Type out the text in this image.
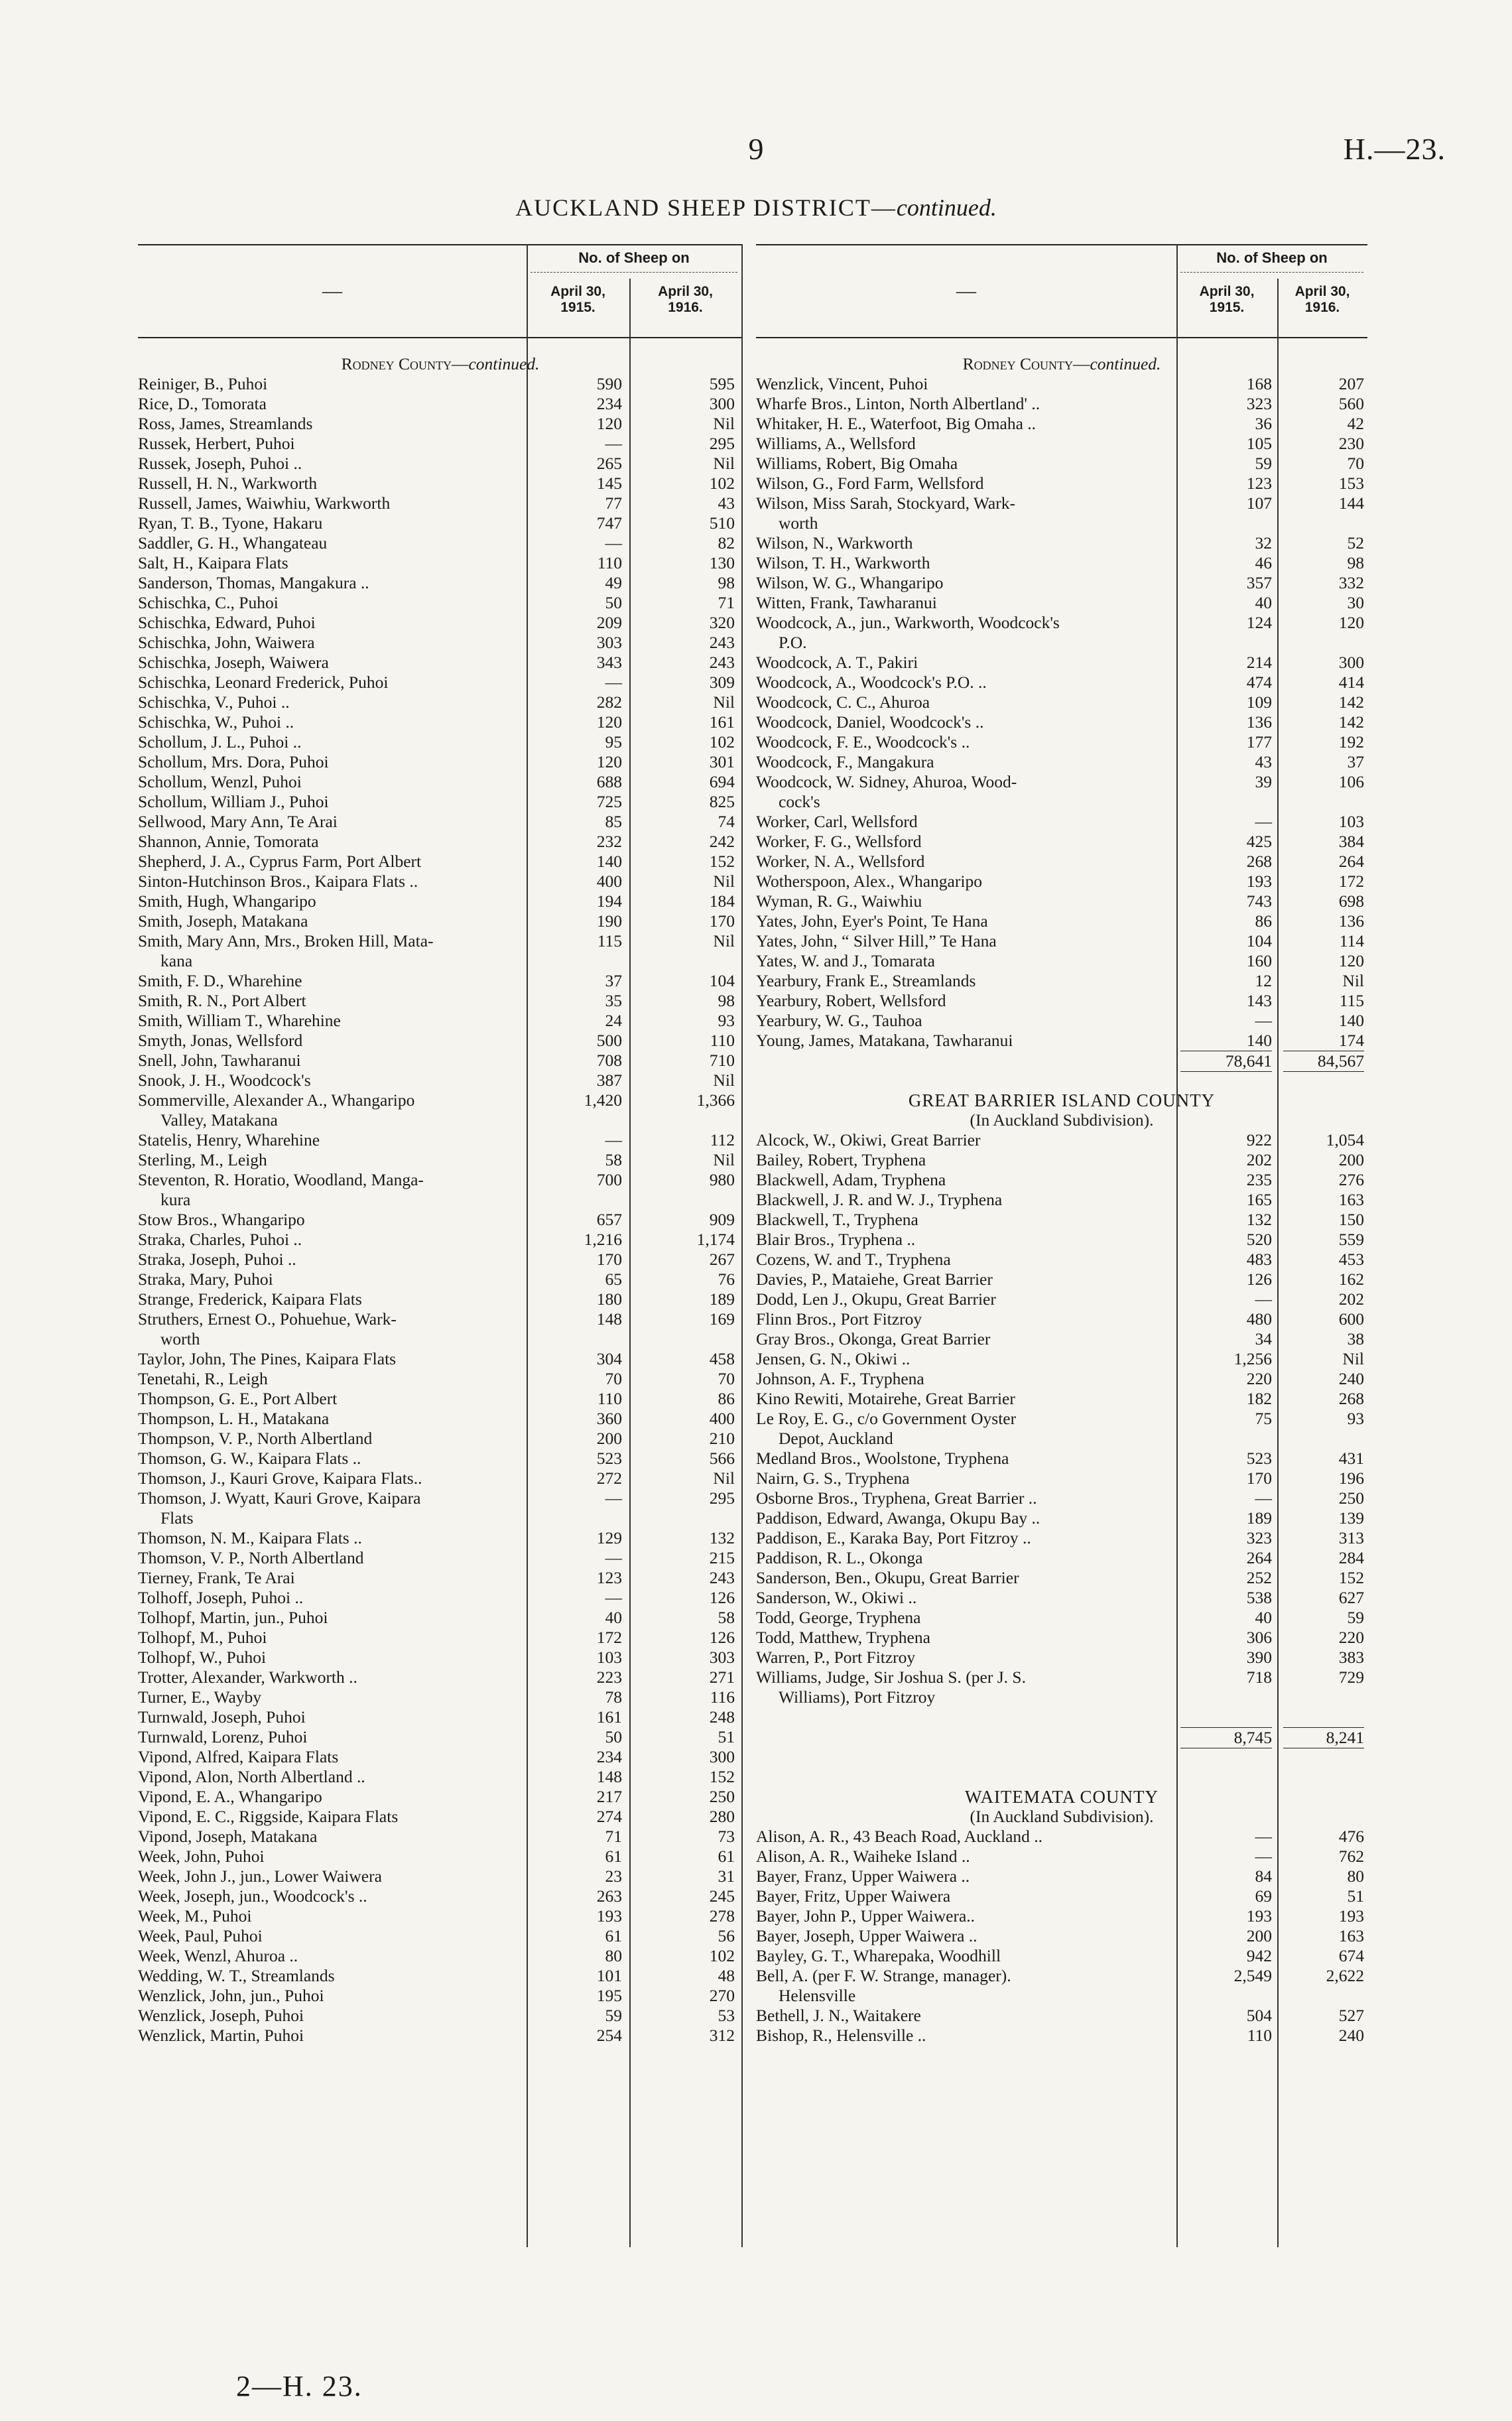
9	H.—23.
AUCKLAND SHEEP DISTRICT—continued.
—
No. of Sheep on
April 30,
1915.
April 30,
1916.
Rodney County—continued.
Reiniger, B., Puhoi	590	595
Rice, D., Tomorata	234	300
Ross, James, Streamlands	120	Nil
Russek, Herbert, Puhoi	—	295
Russek, Joseph, Puhoi ..	265	Nil
Russell, H. N., Warkworth	145	102
Russell, James, Waiwhiu, Warkworth	77	43
Ryan, T. B., Tyone, Hakaru	747	510
Saddler, G. H., Whangateau	—	82
Salt, H., Kaipara Flats	110	130
Sanderson, Thomas, Mangakura ..	49	98
Schischka, C., Puhoi	50	71
Schischka, Edward, Puhoi	209	320
Schischka, John, Waiwera	303	243
Schischka, Joseph, Waiwera	343	243
Schischka, Leonard Frederick, Puhoi	—	309
Schischka, V., Puhoi ..	282	Nil
Schischka, W., Puhoi ..	120	161
Schollum, J. L., Puhoi ..	95	102
Schollum, Mrs. Dora, Puhoi	120	301
Schollum, Wenzl, Puhoi	688	694
Schollum, William J., Puhoi	725	825
Sellwood, Mary Ann, Te Arai	85	74
Shannon, Annie, Tomorata	232	242
Shepherd, J. A., Cyprus Farm, Port Albert	140	152
Sinton-Hutchinson Bros., Kaipara Flats ..	400	Nil
Smith, Hugh, Whangaripo	194	184
Smith, Joseph, Matakana	190	170
Smith, Mary Ann, Mrs., Broken Hill, Mata-	115	Nil
kana
Smith, F. D., Wharehine	37	104
Smith, R. N., Port Albert	35	98
Smith, William T., Wharehine	24	93
Smyth, Jonas, Wellsford	500	110
Snell, John, Tawharanui	708	710
Snook, J. H., Woodcock's	387	Nil
Sommerville, Alexander A., Whangaripo	1,420	1,366
Valley, Matakana
Statelis, Henry, Wharehine	—	112
Sterling, M., Leigh	58	Nil
Steventon, R. Horatio, Woodland, Manga-	700	980
kura
Stow Bros., Whangaripo	657	909
Straka, Charles, Puhoi ..	1,216	1,174
Straka, Joseph, Puhoi ..	170	267
Straka, Mary, Puhoi	65	76
Strange, Frederick, Kaipara Flats	180	189
Struthers, Ernest O., Pohuehue, Wark-	148	169
worth
Taylor, John, The Pines, Kaipara Flats	304	458
Tenetahi, R., Leigh	70	70
Thompson, G. E., Port Albert	110	86
Thompson, L. H., Matakana	360	400
Thompson, V. P., North Albertland	200	210
Thomson, G. W., Kaipara Flats ..	523	566
Thomson, J., Kauri Grove, Kaipara Flats..	272	Nil
Thomson, J. Wyatt, Kauri Grove, Kaipara	—	295
Flats
Thomson, N. M., Kaipara Flats ..	129	132
Thomson, V. P., North Albertland	—	215
Tierney, Frank, Te Arai	123	243
Tolhoff, Joseph, Puhoi ..	—	126
Tolhopf, Martin, jun., Puhoi	40	58
Tolhopf, M., Puhoi	172	126
Tolhopf, W., Puhoi	103	303
Trotter, Alexander, Warkworth ..	223	271
Turner, E., Wayby	78	116
Turnwald, Joseph, Puhoi	161	248
Turnwald, Lorenz, Puhoi	50	51
Vipond, Alfred, Kaipara Flats	234	300
Vipond, Alon, North Albertland ..	148	152
Vipond, E. A., Whangaripo	217	250
Vipond, E. C., Riggside, Kaipara Flats	274	280
Vipond, Joseph, Matakana	71	73
Week, John, Puhoi	61	61
Week, John J., jun., Lower Waiwera	23	31
Week, Joseph, jun., Woodcock's ..	263	245
Week, M., Puhoi	193	278
Week, Paul, Puhoi	61	56
Week, Wenzl, Ahuroa ..	80	102
Wedding, W. T., Streamlands	101	48
Wenzlick, John, jun., Puhoi	195	270
Wenzlick, Joseph, Puhoi	59	53
Wenzlick, Martin, Puhoi	254	312
—
No. of Sheep on
April 30,
1915.
April 30,
1916.
Rodney County—continued.
Wenzlick, Vincent, Puhoi	168	207
Wharfe Bros., Linton, North Albertland' ..	323	560
Whitaker, H. E., Waterfoot, Big Omaha ..	36	42
Williams, A., Wellsford	105	230
Williams, Robert, Big Omaha	59	70
Wilson, G., Ford Farm, Wellsford	123	153
Wilson, Miss Sarah, Stockyard, Wark-	107	144
worth
Wilson, N., Warkworth	32	52
Wilson, T. H., Warkworth	46	98
Wilson, W. G., Whangaripo	357	332
Witten, Frank, Tawharanui	40	30
Woodcock, A., jun., Warkworth, Woodcock's	124	120
P.O.
Woodcock, A. T., Pakiri	214	300
Woodcock, A., Woodcock's P.O. ..	474	414
Woodcock, C. C., Ahuroa	109	142
Woodcock, Daniel, Woodcock's ..	136	142
Woodcock, F. E., Woodcock's ..	177	192
Woodcock, F., Mangakura	43	37
Woodcock, W. Sidney, Ahuroa, Wood-	39	106
cock's
Worker, Carl, Wellsford	—	103
Worker, F. G., Wellsford	425	384
Worker, N. A., Wellsford	268	264
Wotherspoon, Alex., Whangaripo	193	172
Wyman, R. G., Waiwhiu	743	698
Yates, John, Eyer's Point, Te Hana	86	136
Yates, John, “ Silver Hill,” Te Hana	104	114
Yates, W. and J., Tomarata	160	120
Yearbury, Frank E., Streamlands	12	Nil
Yearbury, Robert, Wellsford	143	115
Yearbury, W. G., Tauhoa	—	140
Young, James, Matakana, Tawharanui	140	174
78,641	84,567
GREAT BARRIER ISLAND COUNTY
(In Auckland Subdivision).
Alcock, W., Okiwi, Great Barrier	922	1,054
Bailey, Robert, Tryphena	202	200
Blackwell, Adam, Tryphena	235	276
Blackwell, J. R. and W. J., Tryphena	165	163
Blackwell, T., Tryphena	132	150
Blair Bros., Tryphena ..	520	559
Cozens, W. and T., Tryphena	483	453
Davies, P., Mataiehe, Great Barrier	126	162
Dodd, Len J., Okupu, Great Barrier	—	202
Flinn Bros., Port Fitzroy	480	600
Gray Bros., Okonga, Great Barrier	34	38
Jensen, G. N., Okiwi ..	1,256	Nil
Johnson, A. F., Tryphena	220	240
Kino Rewiti, Motairehe, Great Barrier	182	268
Le Roy, E. G., c/o Government Oyster	75	93
Depot, Auckland
Medland Bros., Woolstone, Tryphena	523	431
Nairn, G. S., Tryphena	170	196
Osborne Bros., Tryphena, Great Barrier ..	—	250
Paddison, Edward, Awanga, Okupu Bay ..	189	139
Paddison, E., Karaka Bay, Port Fitzroy ..	323	313
Paddison, R. L., Okonga	264	284
Sanderson, Ben., Okupu, Great Barrier	252	152
Sanderson, W., Okiwi ..	538	627
Todd, George, Tryphena	40	59
Todd, Matthew, Tryphena	306	220
Warren, P., Port Fitzroy	390	383
Williams, Judge, Sir Joshua S. (per J. S.	718	729
Williams), Port Fitzroy
8,745	8,241
WAITEMATA COUNTY
(In Auckland Subdivision).
Alison, A. R., 43 Beach Road, Auckland ..	—	476
Alison, A. R., Waiheke Island ..	—	762
Bayer, Franz, Upper Waiwera ..	84	80
Bayer, Fritz, Upper Waiwera	69	51
Bayer, John P., Upper Waiwera..	193	193
Bayer, Joseph, Upper Waiwera ..	200	163
Bayley, G. T., Wharepaka, Woodhill	942	674
Bell, A. (per F. W. Strange, manager).	2,549	2,622
Helensville
Bethell, J. N., Waitakere	504	527
Bishop, R., Helensville ..	110	240
2—H. 23.
